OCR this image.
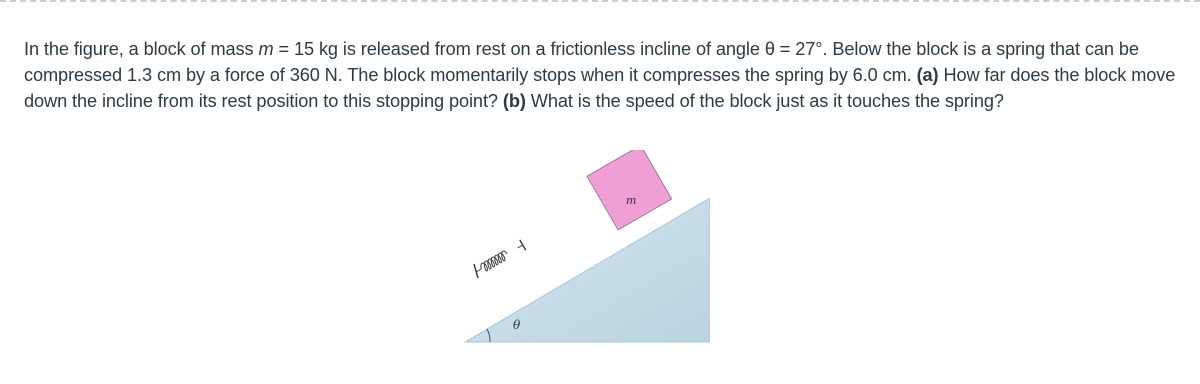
In the figure, a block of mass m = 15 kg is released from rest on a frictionless incline of angle θ = 27°. Below the block is a spring that can be compressed 1.3 cm by a force of 360 N. The block momentarily stops when it compresses the spring by 6.0 cm. (a) How far does the block move down the incline from its rest position to this stopping point? (b) What is the speed of the block just as it touches the spring?

m
θ
